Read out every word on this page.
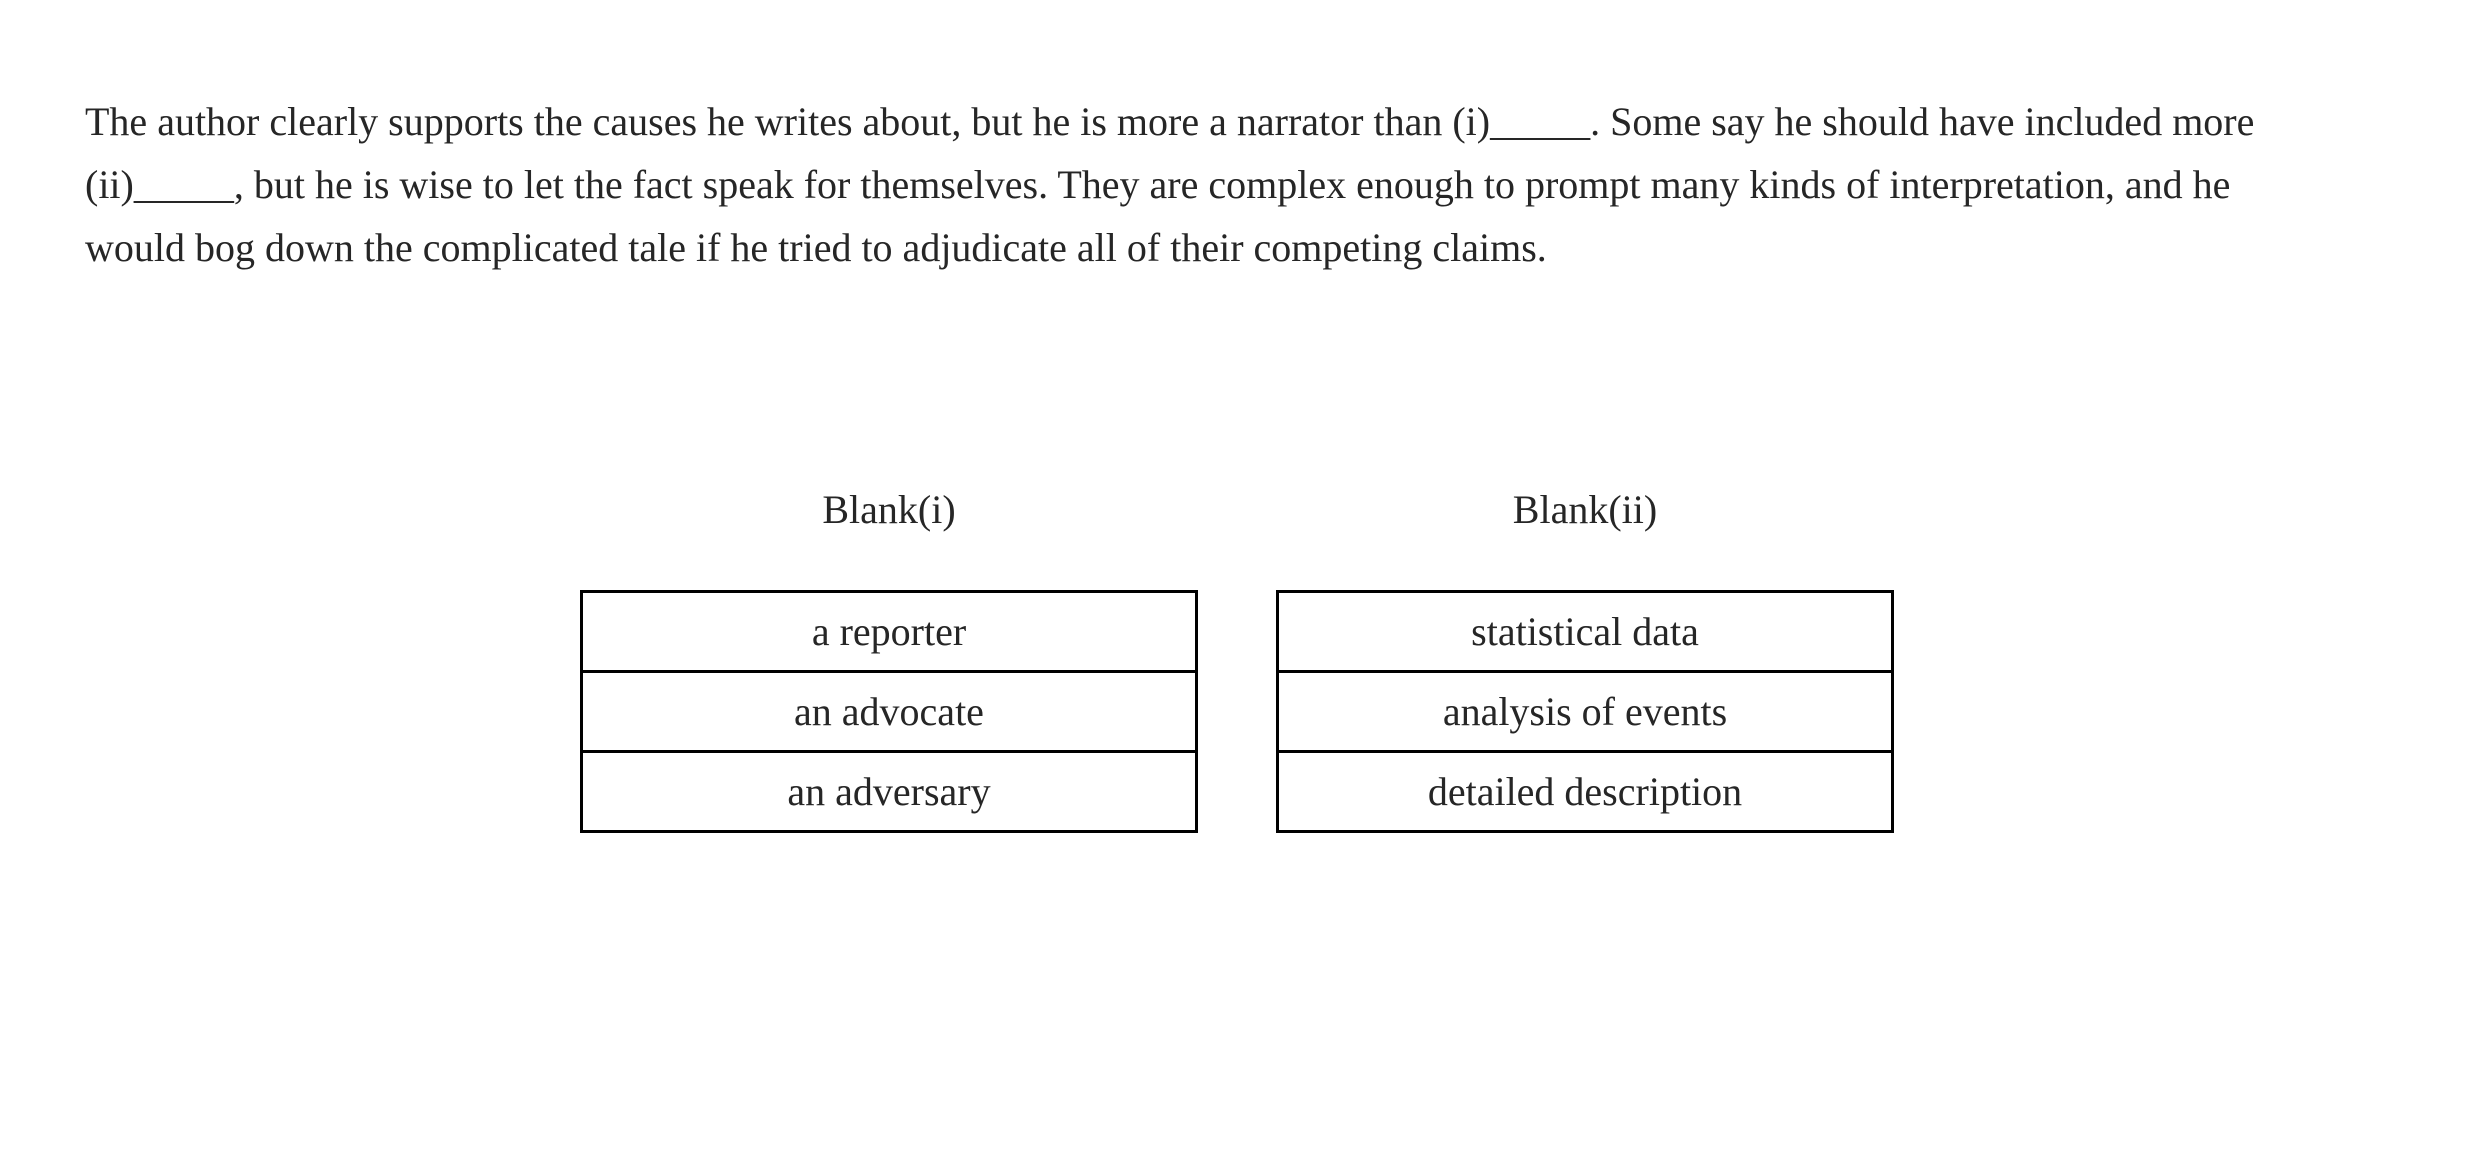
The author clearly supports the causes he writes about, but he is more a narrator than (i)_____. Some say he should have included more
(ii)_____, but he is wise to let the fact speak for themselves. They are complex enough to prompt many kinds of interpretation, and he
would bog down the complicated tale if he tried to adjudicate all of their competing claims.
Blank(i)
a reporter
an advocate
an adversary
Blank(ii)
statistical data
analysis of events
detailed description
